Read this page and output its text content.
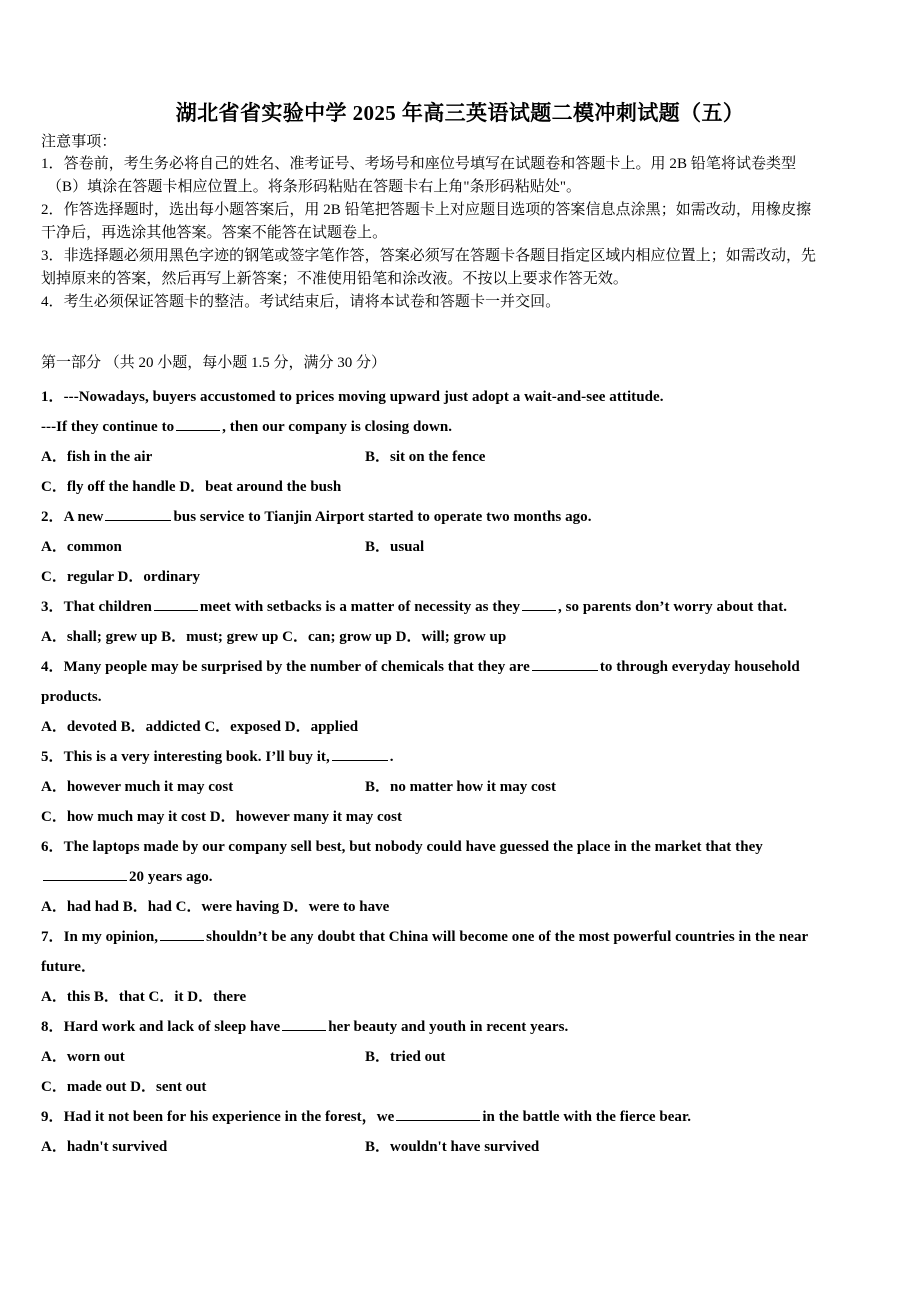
湖北省省实验中学 2025 年高三英语试题二模冲刺试题（五）
注意事项：
1．答卷前，考生务必将自己的姓名、准考证号、考场号和座位号填写在试题卷和答题卡上。用 2B 铅笔将试卷类型
（B）填涂在答题卡相应位置上。将条形码粘贴在答题卡右上角"条形码粘贴处"。
2．作答选择题时，选出每小题答案后，用 2B 铅笔把答题卡上对应题目选项的答案信息点涂黑；如需改动，用橡皮擦
干净后，再选涂其他答案。答案不能答在试题卷上。
3．非选择题必须用黑色字迹的钢笔或签字笔作答，答案必须写在答题卡各题目指定区域内相应位置上；如需改动，先
划掉原来的答案，然后再写上新答案；不准使用铅笔和涂改液。不按以上要求作答无效。
4．考生必须保证答题卡的整洁。考试结束后，请将本试卷和答题卡一并交回。
第一部分 （共 20 小题，每小题 1.5 分，满分 30 分）
1．---Nowadays, buyers accustomed to prices moving upward just adopt a wait-and-see attitude.
---If they continue to	, then our company is closing down.
A．fish in the air	B．sit on the fence
C．fly off the handle D．beat around the bush
2．A new	bus service to Tianjin Airport started to operate two months ago.
A．common	B．usual
C．regular D．ordinary
3．That children	meet with setbacks is a matter of necessity as they	, so parents don’t worry about that.
A．shall; grew up B．must; grew up C．can; grow up D．will; grow up
4．Many people may be surprised by the number of chemicals that they are	to through everyday household
products.
A．devoted B．addicted C．exposed D．applied
5．This is a very interesting book. I’ll buy it,	.
A．however much it may cost	B．no matter how it may cost
C．how much may it cost D．however many it may cost
6．The laptops made by our company sell best, but nobody could have guessed the place in the market that they
20 years ago.
A．had had B．had C．were having D．were to have
7．In my opinion,	shouldn’t be any doubt that China will become one of the most powerful countries in the near
future．
A．this B．that C．it D．there
8．Hard work and lack of sleep have	her beauty and youth in recent years.
A．worn out	B．tried out
C．made out D．sent out
9．Had it not been for his experience in the forest，we	in the battle with the fierce bear.
A．hadn't survived	B．wouldn't have survived
